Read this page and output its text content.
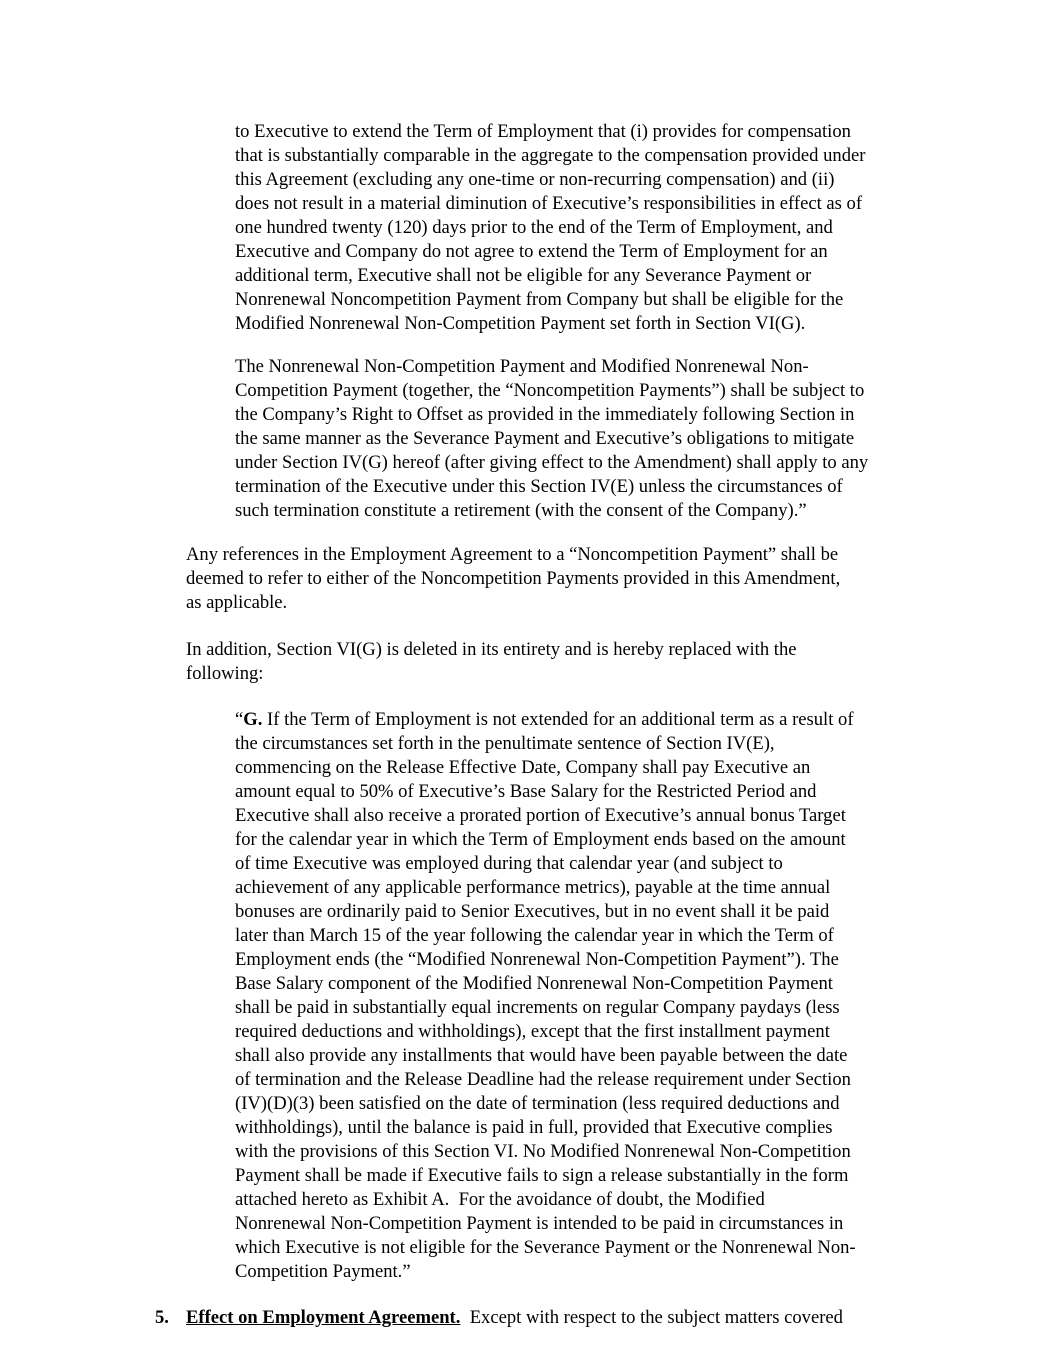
to Executive to extend the Term of Employment that (i) provides for compensation
that is substantially comparable in the aggregate to the compensation provided under
this Agreement (excluding any one-time or non-recurring compensation) and (ii)
does not result in a material diminution of Executive’s responsibilities in effect as of
one hundred twenty (120) days prior to the end of the Term of Employment, and
Executive and Company do not agree to extend the Term of Employment for an
additional term, Executive shall not be eligible for any Severance Payment or
Nonrenewal Noncompetition Payment from Company but shall be eligible for the
Modified Nonrenewal Non-Competition Payment set forth in Section VI(G).
The Nonrenewal Non-Competition Payment and Modified Nonrenewal Non-
Competition Payment (together, the “Noncompetition Payments”) shall be subject to
the Company’s Right to Offset as provided in the immediately following Section in
the same manner as the Severance Payment and Executive’s obligations to mitigate
under Section IV(G) hereof (after giving effect to the Amendment) shall apply to any
termination of the Executive under this Section IV(E) unless the circumstances of
such termination constitute a retirement (with the consent of the Company).”
Any references in the Employment Agreement to a “Noncompetition Payment” shall be
deemed to refer to either of the Noncompetition Payments provided in this Amendment,
as applicable.
In addition, Section VI(G) is deleted in its entirety and is hereby replaced with the
following:
“G. If the Term of Employment is not extended for an additional term as a result of
the circumstances set forth in the penultimate sentence of Section IV(E),
commencing on the Release Effective Date, Company shall pay Executive an
amount equal to 50% of Executive’s Base Salary for the Restricted Period and
Executive shall also receive a prorated portion of Executive’s annual bonus Target
for the calendar year in which the Term of Employment ends based on the amount
of time Executive was employed during that calendar year (and subject to
achievement of any applicable performance metrics), payable at the time annual
bonuses are ordinarily paid to Senior Executives, but in no event shall it be paid
later than March 15 of the year following the calendar year in which the Term of
Employment ends (the “Modified Nonrenewal Non-Competition Payment”). The
Base Salary component of the Modified Nonrenewal Non-Competition Payment
shall be paid in substantially equal increments on regular Company paydays (less
required deductions and withholdings), except that the first installment payment
shall also provide any installments that would have been payable between the date
of termination and the Release Deadline had the release requirement under Section
(IV)(D)(3) been satisfied on the date of termination (less required deductions and
withholdings), until the balance is paid in full, provided that Executive complies
with the provisions of this Section VI. No Modified Nonrenewal Non-Competition
Payment shall be made if Executive fails to sign a release substantially in the form
attached hereto as Exhibit A.  For the avoidance of doubt, the Modified
Nonrenewal Non-Competition Payment is intended to be paid in circumstances in
which Executive is not eligible for the Severance Payment or the Nonrenewal Non-
Competition Payment.”
5. Effect on Employment Agreement.  Except with respect to the subject matters covered
